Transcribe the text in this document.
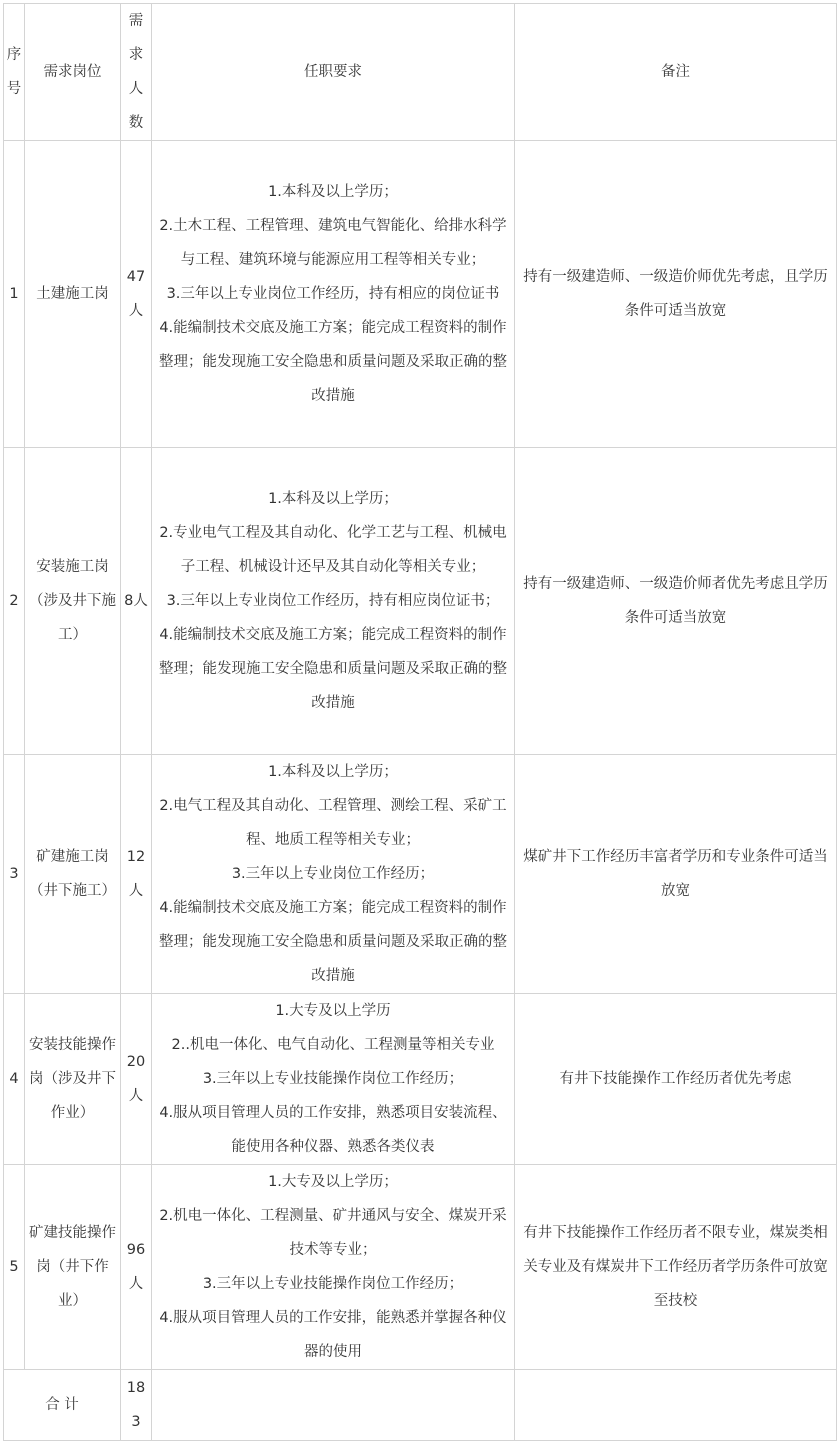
序号	需求岗位	需求人数	任职要求	备注
1	土建施工岗	47人	1.本科及以上学历；
2.土木工程、工程管理、建筑电气智能化、给排水科学与工程、建筑环境与能源应用工程等相关专业；
3.三年以上专业岗位工作经历，持有相应的岗位证书
4.能编制技术交底及施工方案；能完成工程资料的制作整理；能发现施工安全隐患和质量问题及采取正确的整改措施	持有一级建造师、一级造价师优先考虑，且学历条件可适当放宽
2	安装施工岗（涉及井下施工）	8人	1.本科及以上学历；
2.专业电气工程及其自动化、化学工艺与工程、机械电子工程、机械设计还早及其自动化等相关专业；
3.三年以上专业岗位工作经历，持有相应岗位证书；
4.能编制技术交底及施工方案；能完成工程资料的制作整理；能发现施工安全隐患和质量问题及采取正确的整改措施	持有一级建造师、一级造价师者优先考虑且学历条件可适当放宽
3	矿建施工岗（井下施工）	12人	1.本科及以上学历；
2.电气工程及其自动化、工程管理、测绘工程、采矿工程、地质工程等相关专业；
3.三年以上专业岗位工作经历；
4.能编制技术交底及施工方案；能完成工程资料的制作整理；能发现施工安全隐患和质量问题及采取正确的整改措施	煤矿井下工作经历丰富者学历和专业条件可适当放宽
4	安装技能操作岗（涉及井下作业）	20人	1.大专及以上学历
2..机电一体化、电气自动化、工程测量等相关专业
3.三年以上专业技能操作岗位工作经历；
4.服从项目管理人员的工作安排，熟悉项目安装流程、能使用各种仪器、熟悉各类仪表	有井下技能操作工作经历者优先考虑
5	矿建技能操作岗（井下作业）	96人	1.大专及以上学历；
2.机电一体化、工程测量、矿井通风与安全、煤炭开采技术等专业；
3.三年以上专业技能操作岗位工作经历；
4.服从项目管理人员的工作安排，能熟悉并掌握各种仪器的使用	有井下技能操作工作经历者不限专业，煤炭类相关专业及有煤炭井下工作经历者学历条件可放宽至技校
合 计		183		
